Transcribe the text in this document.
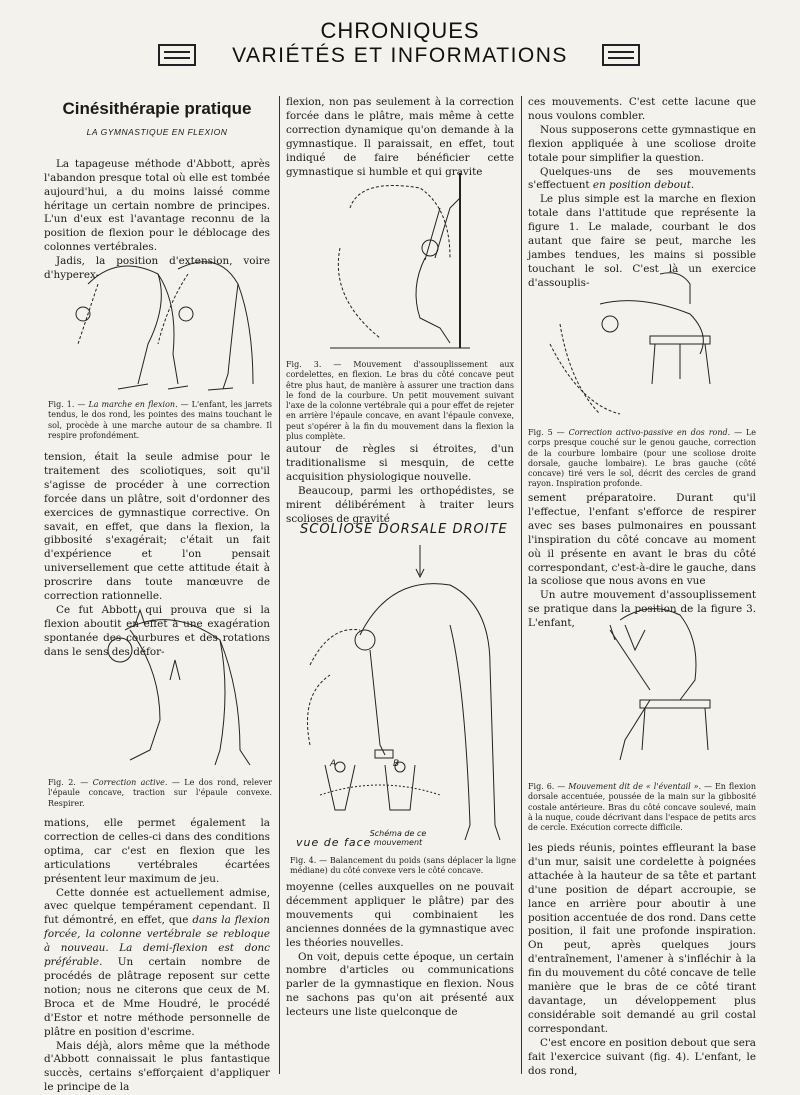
CHRONIQUES
VARIÉTÉS ET INFORMATIONS
Cinésithérapie pratique
LA GYMNASTIQUE EN FLEXION

La tapageuse méthode d'Abbott, après l'abandon presque total où elle est tombée aujourd'hui, a du moins laissé comme héritage un certain nombre de principes. L'un d'eux est l'avantage reconnu de la position de flexion pour le déblocage des colonnes vertébrales.

Jadis, la position d'extension, voire d'hyperex-

Fig. 1. — La marche en flexion. — L'enfant, les jarrets tendus, le dos rond, les pointes des mains touchant le sol, procède à une marche autour de sa chambre. Il respire profondément.

tension, était la seule admise pour le traitement des scoliotiques, soit qu'il s'agisse de procéder à une correction forcée dans un plâtre, soit d'ordonner des exercices de gymnastique corrective. On savait, en effet, que dans la flexion, la gibbosité s'exagérait; c'était un fait d'expérience et l'on pensait universellement que cette attitude était à proscrire dans toute manœuvre de correction rationnelle.

Ce fut Abbott qui prouva que si la flexion aboutit en effet à une exagération spontanée des courbures et des rotations dans le sens des défor-

Fig. 2. — Correction active. — Le dos rond, relever l'épaule concave, traction sur l'épaule convexe. Respirer.

mations, elle permet également la correction de celles-ci dans des conditions optima, car c'est en flexion que les articulations vertébrales écartées présentent leur maximum de jeu.

Cette donnée est actuellement admise, avec quelque tempérament cependant. Il fut démontré, en effet, que dans la flexion forcée, la colonne vertébrale se rebloque à nouveau. La demi-flexion est donc préférable. Un certain nombre de procédés de plâtrage reposent sur cette notion; nous ne citerons que ceux de M. Broca et de Mme Houdré, le procédé d'Estor et notre méthode personnelle de plâtre en position d'escrime.

Mais déjà, alors même que la méthode d'Abbott connaissait le plus fantastique succès, certains s'efforçaient d'appliquer le principe de la

flexion, non pas seulement à la correction forcée dans le plâtre, mais même à cette correction dynamique qu'on demande à la gymnastique. Il paraissait, en effet, tout indiqué de faire bénéficier cette gymnastique si humble et qui gravite

Fig. 3. — Mouvement d'assouplissement aux cordelettes, en flexion. Le bras du côté concave peut être plus haut, de manière à assurer une traction dans le fond de la courbure. Un petit mouvement suivant l'axe de la colonne vertébrale qui a pour effet de rejeter en arrière l'épaule concave, en avant l'épaule convexe, peut s'opérer à la fin du mouvement dans la flexion la plus complète.

autour de règles si étroites, d'un traditionalisme si mesquin, de cette acquisition physiologique nouvelle.

Beaucoup, parmi les orthopédistes, se mirent délibérément à traiter leurs scolioses de gravité

SCOLIOSE DORSALE DROITE
A	B
vue de face
Schéma de ce mouvement
Fig. 4. — Balancement du poids (sans déplacer la ligne médiane) du côté convexe vers le côté concave.

moyenne (celles auxquelles on ne pouvait décemment appliquer le plâtre) par des mouvements qui combinaient les anciennes données de la gymnastique avec les théories nouvelles.

On voit, depuis cette époque, un certain nombre d'articles ou communications parler de la gymnastique en flexion. Nous ne sachons pas qu'on ait présenté aux lecteurs une liste quelconque de

ces mouvements. C'est cette lacune que nous voulons combler.

Nous supposerons cette gymnastique en flexion appliquée à une scoliose droite totale pour simplifier la question.

Quelques-uns de ses mouvements s'effectuent en position debout.

Le plus simple est la marche en flexion totale dans l'attitude que représente la figure 1. Le malade, courbant le dos autant que faire se peut, marche les jambes tendues, les mains si possible touchant le sol. C'est là un exercice d'assouplis-

Fig. 5 — Correction activo-passive en dos rond. — Le corps presque couché sur le genou gauche, correction de la courbure lombaire (pour une scoliose droite dorsale, gauche lombaire). Le bras gauche (côté concave) tiré vers le sol, décrit des cercles de grand rayon. Inspiration profonde.

sement préparatoire. Durant qu'il l'effectue, l'enfant s'efforce de respirer avec ses bases pulmonaires en poussant l'inspiration du côté concave au moment où il présente en avant le bras du côté correspondant, c'est-à-dire le gauche, dans la scoliose que nous avons en vue

Un autre mouvement d'assouplissement se pratique dans la position de la figure 3. L'enfant,

Fig. 6. — Mouvement dit de « l'éventail ». — En flexion dorsale accentuée, poussée de la main sur la gibbosité costale antérieure. Bras du côté concave soulevé, main à la nuque, coude décrivant dans l'espace de petits arcs de cercle. Exécution correcte difficile.

les pieds réunis, pointes effleurant la base d'un mur, saisit une cordelette à poignées attachée à la hauteur de sa tête et partant d'une position de départ accroupie, se lance en arrière pour aboutir à une position accentuée de dos rond. Dans cette position, il fait une profonde inspiration. On peut, après quelques jours d'entraînement, l'amener à s'infléchir à la fin du mouvement du côté concave de telle manière que le bras de ce côté tirant davantage, un développement plus considérable soit demandé au gril costal correspondant.

C'est encore en position debout que sera fait l'exercice suivant (fig. 4). L'enfant, le dos rond,
